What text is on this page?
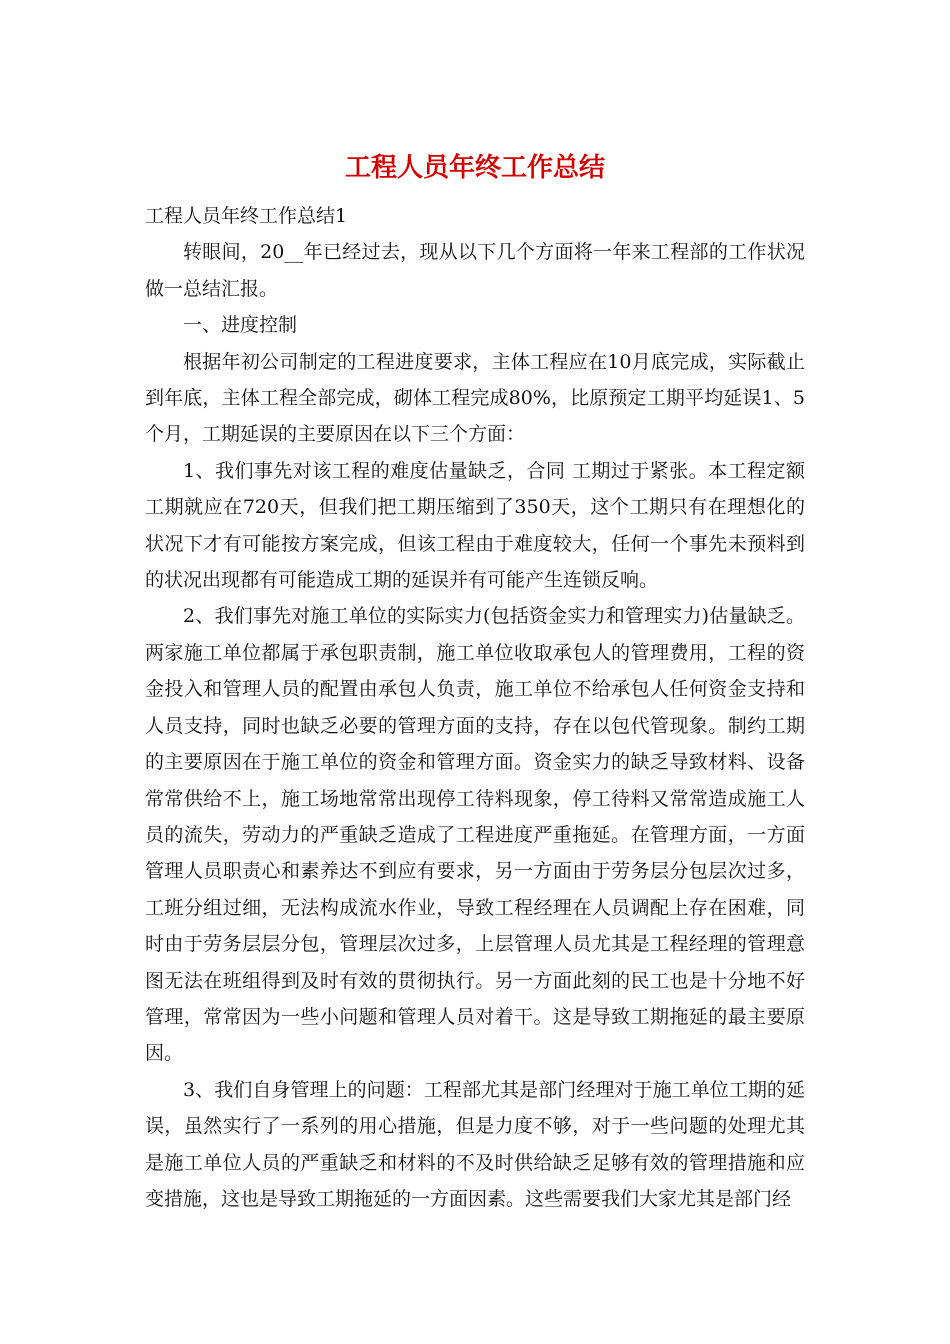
工程人员年终工作总结

工程人员年终工作总结1

转眼间，20__年已经过去，现从以下几个方面将一年来工程部的工作状况做一总结汇报。

一、进度控制

根据年初公司制定的工程进度要求，主体工程应在10月底完成，实际截止到年底，主体工程全部完成，砌体工程完成80%，比原预定工期平均延误1、5个月，工期延误的主要原因在以下三个方面：

1、我们事先对该工程的难度估量缺乏，合同 工期过于紧张。本工程定额工期就应在720天，但我们把工期压缩到了350天，这个工期只有在理想化的状况下才有可能按方案完成，但该工程由于难度较大，任何一个事先未预料到的状况出现都有可能造成工期的延误并有可能产生连锁反响。

2、我们事先对施工单位的实际实力(包括资金实力和管理实力)估量缺乏。两家施工单位都属于承包职责制，施工单位收取承包人的管理费用，工程的资金投入和管理人员的配置由承包人负责，施工单位不给承包人任何资金支持和人员支持，同时也缺乏必要的管理方面的支持，存在以包代管现象。制约工期的主要原因在于施工单位的资金和管理方面。资金实力的缺乏导致材料、设备常常供给不上，施工场地常常出现停工待料现象，停工待料又常常造成施工人员的流失，劳动力的严重缺乏造成了工程进度严重拖延。在管理方面，一方面管理人员职责心和素养达不到应有要求，另一方面由于劳务层分包层次过多，工班分组过细，无法构成流水作业，导致工程经理在人员调配上存在困难，同时由于劳务层层分包，管理层次过多，上层管理人员尤其是工程经理的管理意图无法在班组得到及时有效的贯彻执行。另一方面此刻的民工也是十分地不好管理，常常因为一些小问题和管理人员对着干。这是导致工期拖延的最主要原因。

3、我们自身管理上的问题：工程部尤其是部门经理对于施工单位工期的延误，虽然实行了一系列的用心措施，但是力度不够，对于一些问题的处理尤其是施工单位人员的严重缺乏和材料的不及时供给缺乏足够有效的管理措施和应变措施，这也是导致工期拖延的一方面因素。这些需要我们大家尤其是部门经
